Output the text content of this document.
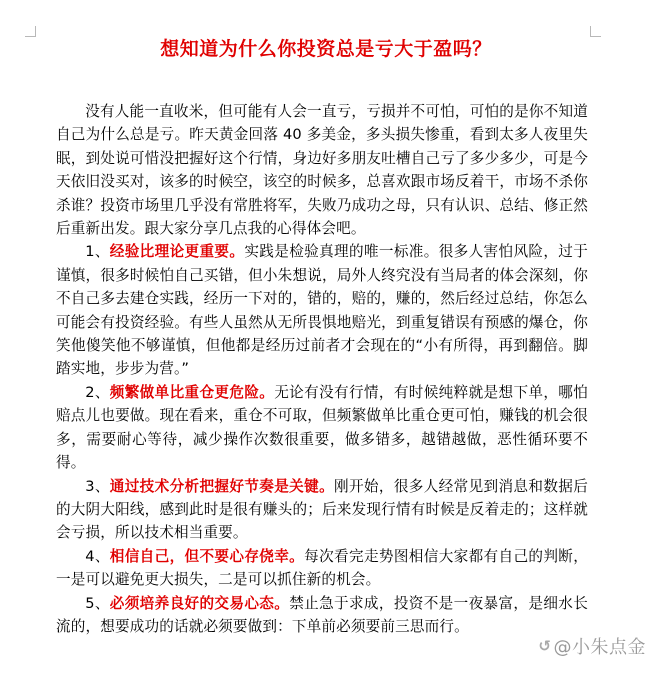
想知道为什么你投资总是亏大于盈吗？

没有人能一直收米，但可能有人会一直亏，亏损并不可怕，可怕的是你不知道自己为什么总是亏。昨天黄金回落 40 多美金，多头损失惨重，看到太多人夜里失眠，到处说可惜没把握好这个行情，身边好多朋友吐槽自己亏了多少多少，可是今天依旧没买对，该多的时候空，该空的时候多，总喜欢跟市场反着干，市场不杀你杀谁？投资市场里几乎没有常胜将军，失败乃成功之母，只有认识、总结、修正然后重新出发。跟大家分享几点我的心得体会吧。

1、经验比理论更重要。实践是检验真理的唯一标准。很多人害怕风险，过于谨慎，很多时候怕自己买错，但小朱想说，局外人终究没有当局者的体会深刻，你不自己多去建仓实践，经历一下对的，错的，赔的，赚的，然后经过总结，你怎么可能会有投资经验。有些人虽然从无所畏惧地赔光，到重复错误有预感的爆仓，你笑他傻笑他不够谨慎，但他都是经历过前者才会现在的“小有所得，再到翻倍。脚踏实地，步步为营。”

2、频繁做单比重仓更危险。无论有没有行情，有时候纯粹就是想下单，哪怕赔点儿也要做。现在看来，重仓不可取，但频繁做单比重仓更可怕，赚钱的机会很多，需要耐心等待，减少操作次数很重要，做多错多，越错越做，恶性循环要不得。

3、通过技术分析把握好节奏是关键。刚开始，很多人经常见到消息和数据后的大阴大阳线，感到此时是很有赚头的；后来发现行情有时候是反着走的；这样就会亏损，所以技术相当重要。

4、相信自己，但不要心存侥幸。每次看完走势图相信大家都有自己的判断，一是可以避免更大损失，二是可以抓住新的机会。

5、必须培养良好的交易心态。禁止急于求成，投资不是一夜暴富，是细水长流的，想要成功的话就必须要做到：下单前必须要前三思而行。

↺ @小朱点金
